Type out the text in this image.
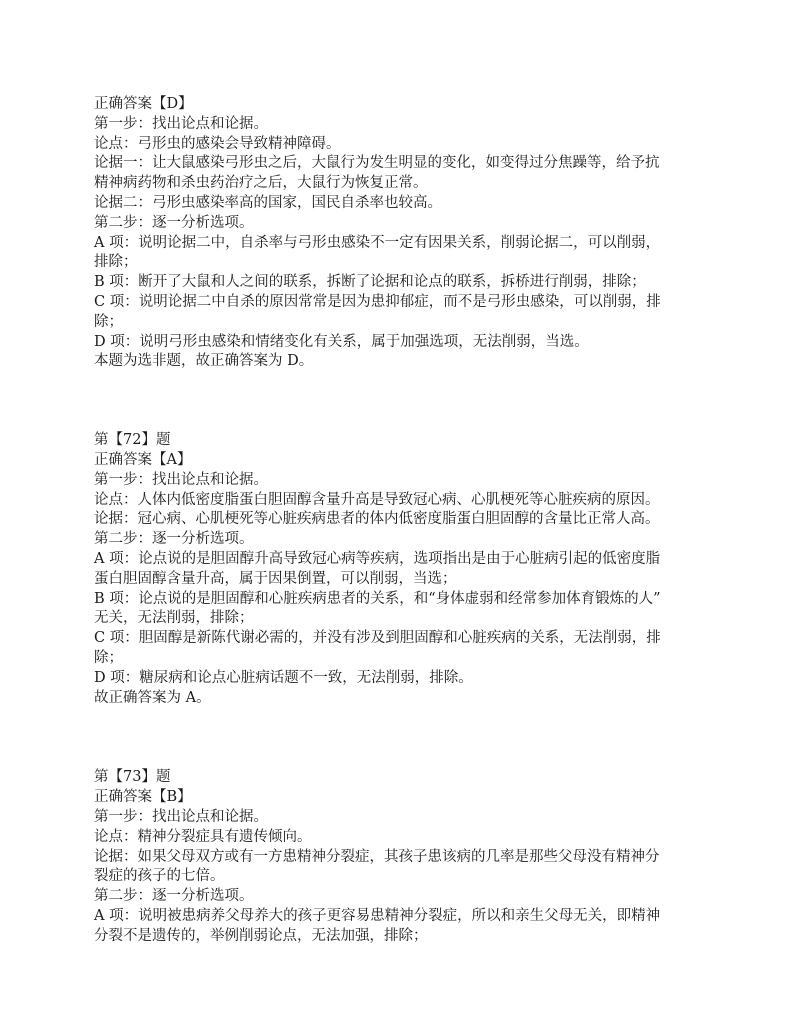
正确答案【D】

第一步：找出论点和论据。

论点：弓形虫的感染会导致精神障碍。

论据一：让大鼠感染弓形虫之后，大鼠行为发生明显的变化，如变得过分焦躁等，给予抗

精神病药物和杀虫药治疗之后，大鼠行为恢复正常。

论据二：弓形虫感染率高的国家，国民自杀率也较高。

第二步：逐一分析选项。

A 项：说明论据二中，自杀率与弓形虫感染不一定有因果关系，削弱论据二，可以削弱，

排除；

B 项：断开了大鼠和人之间的联系，拆断了论据和论点的联系，拆桥进行削弱，排除；

C 项：说明论据二中自杀的原因常常是因为患抑郁症，而不是弓形虫感染，可以削弱，排

除；

D 项：说明弓形虫感染和情绪变化有关系，属于加强选项，无法削弱，当选。

本题为选非题，故正确答案为 D。

第【72】题

正确答案【A】

第一步：找出论点和论据。

论点：人体内低密度脂蛋白胆固醇含量升高是导致冠心病、心肌梗死等心脏疾病的原因。

论据：冠心病、心肌梗死等心脏疾病患者的体内低密度脂蛋白胆固醇的含量比正常人高。

第二步：逐一分析选项。

A 项：论点说的是胆固醇升高导致冠心病等疾病，选项指出是由于心脏病引起的低密度脂

蛋白胆固醇含量升高，属于因果倒置，可以削弱，当选；

B 项：论点说的是胆固醇和心脏疾病患者的关系，和“身体虚弱和经常参加体育锻炼的人”

无关，无法削弱，排除；

C 项：胆固醇是新陈代谢必需的，并没有涉及到胆固醇和心脏疾病的关系，无法削弱，排

除；

D 项：糖尿病和论点心脏病话题不一致，无法削弱，排除。

故正确答案为 A。

第【73】题

正确答案【B】

第一步：找出论点和论据。

论点：精神分裂症具有遗传倾向。

论据：如果父母双方或有一方患精神分裂症，其孩子患该病的几率是那些父母没有精神分

裂症的孩子的七倍。

第二步：逐一分析选项。

A 项：说明被患病养父母养大的孩子更容易患精神分裂症，所以和亲生父母无关，即精神

分裂不是遗传的，举例削弱论点，无法加强，排除；
